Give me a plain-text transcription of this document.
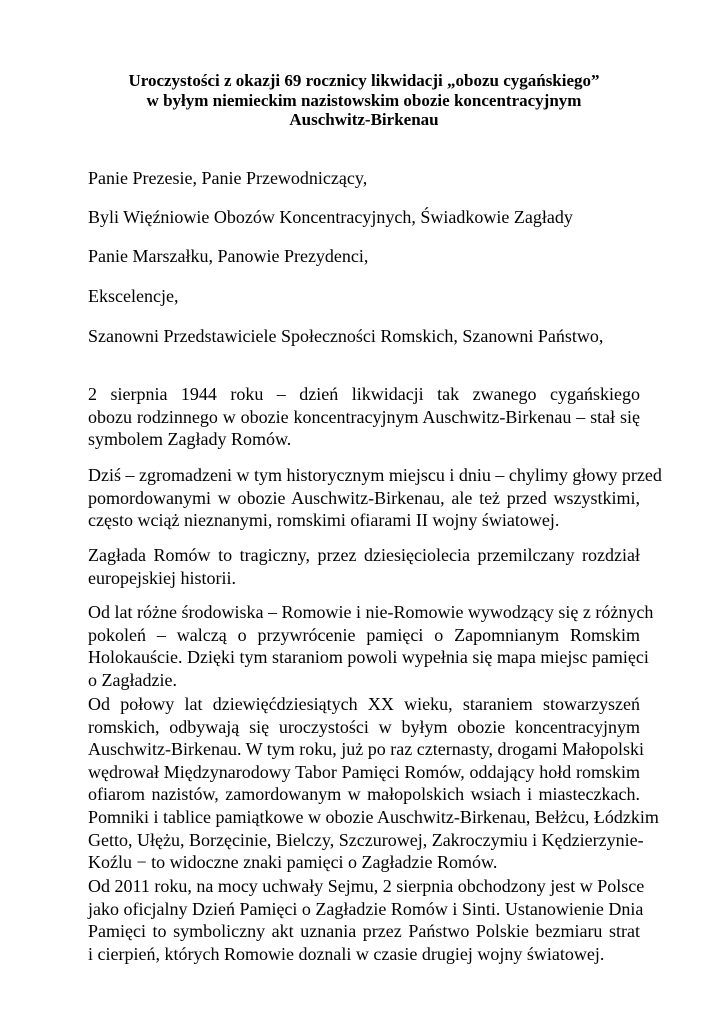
Uroczystości z okazji 69 rocznicy likwidacji „obozu cygańskiego”
w byłym niemieckim nazistowskim obozie koncentracyjnym
Auschwitz-Birkenau
Panie Prezesie, Panie Przewodniczący,
Byli Więźniowie Obozów Koncentracyjnych, Świadkowie Zagłady
Panie Marszałku, Panowie Prezydenci,
Ekscelencje,
Szanowni Przedstawiciele Społeczności Romskich, Szanowni Państwo,
2 sierpnia 1944 roku – dzień likwidacji tak zwanego cygańskiego
obozu rodzinnego w obozie koncentracyjnym Auschwitz-Birkenau – stał się
symbolem Zagłady Romów.
Dziś – zgromadzeni w tym historycznym miejscu i dniu – chylimy głowy przed
pomordowanymi w obozie Auschwitz-Birkenau, ale też przed wszystkimi,
często wciąż nieznanymi, romskimi ofiarami II wojny światowej.
Zagłada Romów to tragiczny, przez dziesięciolecia przemilczany rozdział
europejskiej historii.
Od lat różne środowiska – Romowie i nie-Romowie wywodzący się z różnych
pokoleń – walczą o przywrócenie pamięci o Zapomnianym Romskim
Holokauście. Dzięki tym staraniom powoli wypełnia się mapa miejsc pamięci
o Zagładzie.
Od połowy lat dziewięćdziesiątych XX wieku, staraniem stowarzyszeń
romskich, odbywają się uroczystości w byłym obozie koncentracyjnym
Auschwitz-Birkenau. W tym roku, już po raz czternasty, drogami Małopolski
wędrował Międzynarodowy Tabor Pamięci Romów, oddający hołd romskim
ofiarom nazistów, zamordowanym w małopolskich wsiach i miasteczkach.
Pomniki i tablice pamiątkowe w obozie Auschwitz-Birkenau, Bełżcu, Łódzkim
Getto, Ułężu, Borzęcinie, Bielczy, Szczurowej, Zakroczymiu i Kędzierzynie-
Koźlu − to widoczne znaki pamięci o Zagładzie Romów.
Od 2011 roku, na mocy uchwały Sejmu, 2 sierpnia obchodzony jest w Polsce
jako oficjalny Dzień Pamięci o Zagładzie Romów i Sinti. Ustanowienie Dnia
Pamięci to symboliczny akt uznania przez Państwo Polskie bezmiaru strat
i cierpień, których Romowie doznali w czasie drugiej wojny światowej.
